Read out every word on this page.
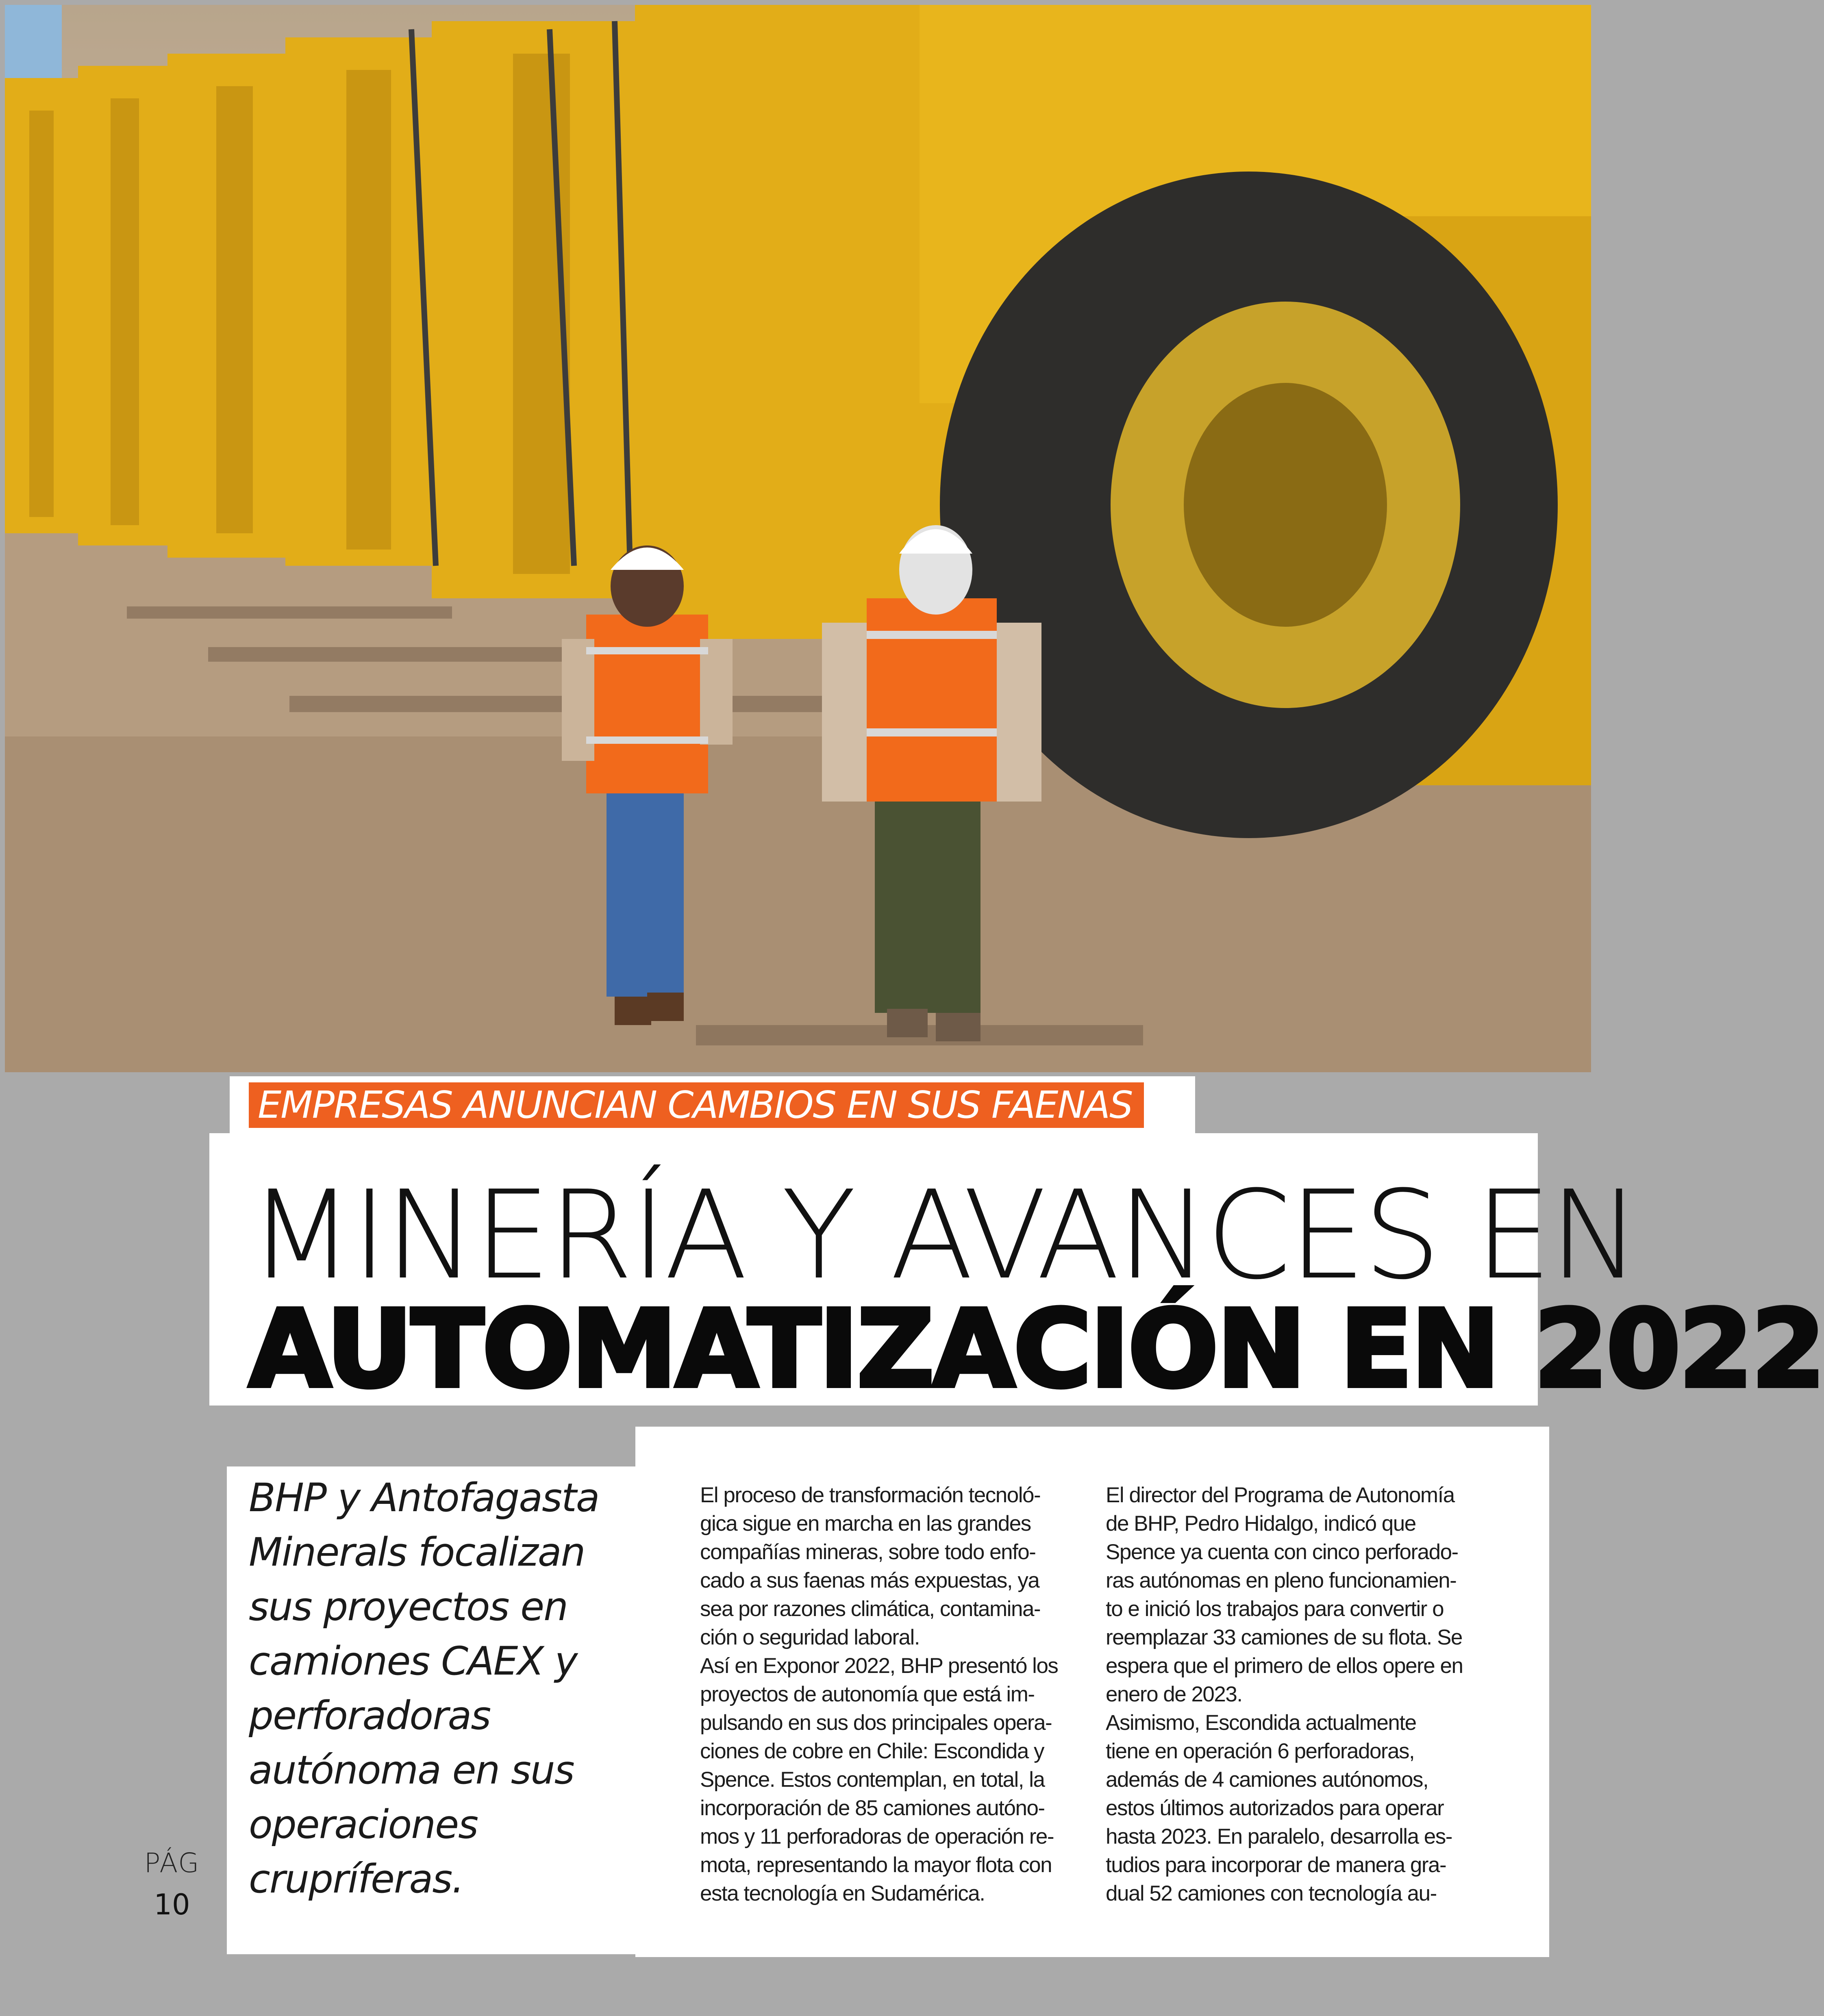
EMPRESAS ANUNCIAN CAMBIOS EN SUS FAENAS
MINERÍA Y AVANCES EN
AUTOMATIZACIÓN EN 2022
BHP y Antofagasta
Minerals focalizan
sus proyectos en
camiones CAEX y
perforadoras
autónoma en sus
operaciones
crupríferas.
PÁG
10
El proceso de transformación tecnoló-
gica sigue en marcha en las grandes
compañías mineras, sobre todo enfo-
cado a sus faenas más expuestas, ya
sea por razones climática, contamina-
ción o seguridad laboral.
Así en Exponor 2022, BHP presentó los
proyectos de autonomía que está im-
pulsando en sus dos principales opera-
ciones de cobre en Chile: Escondida y
Spence. Estos contemplan, en total, la
incorporación de 85 camiones autóno-
mos y 11 perforadoras de operación re-
mota, representando la mayor flota con
esta tecnología en Sudamérica.
El director del Programa de Autonomía
de BHP, Pedro Hidalgo, indicó que
Spence ya cuenta con cinco perforado-
ras autónomas en pleno funcionamien-
to e inició los trabajos para convertir o
reemplazar 33 camiones de su flota. Se
espera que el primero de ellos opere en
enero de 2023.
Asimismo, Escondida actualmente
tiene en operación 6 perforadoras,
además de 4 camiones autónomos,
estos últimos autorizados para operar
hasta 2023. En paralelo, desarrolla es-
tudios para incorporar de manera gra-
dual 52 camiones con tecnología au-
